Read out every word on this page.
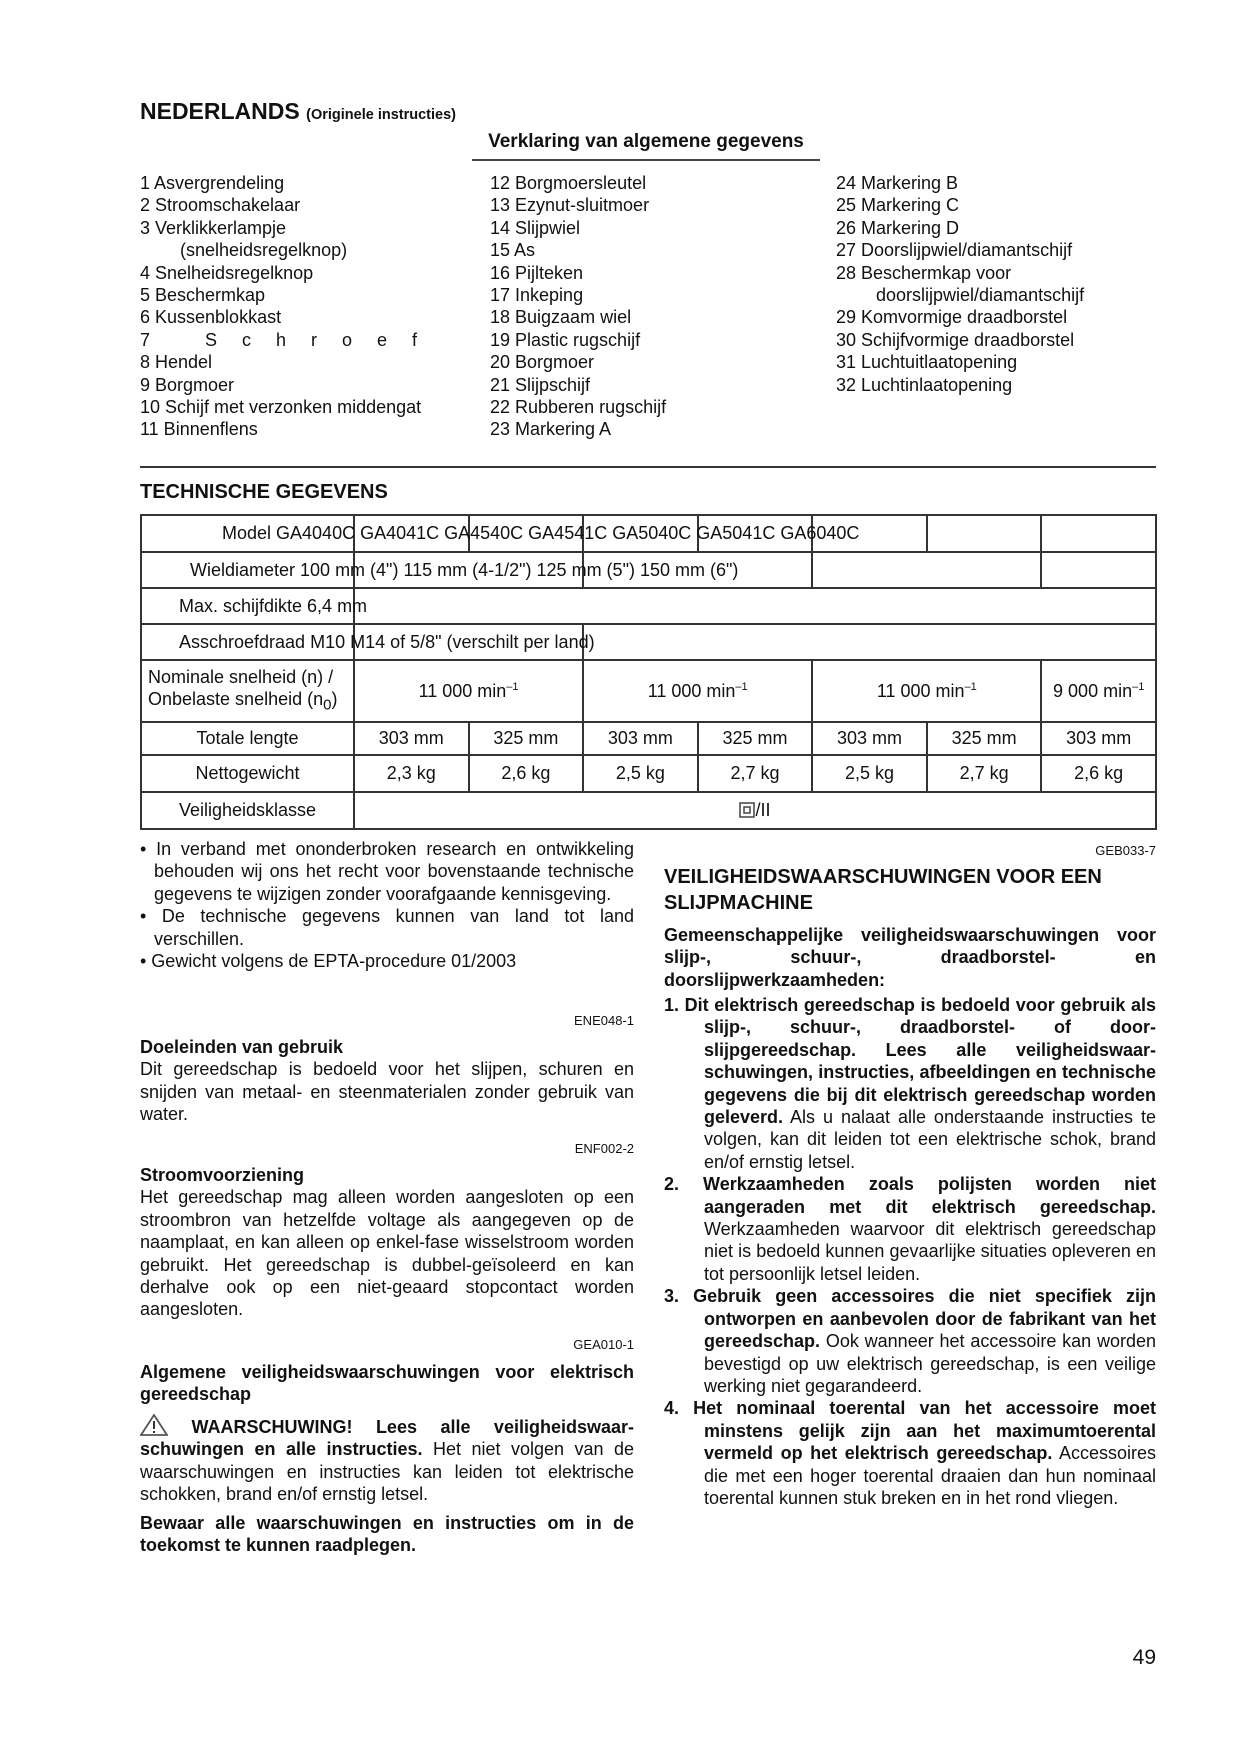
NEDERLANDS (Originele instructies)
Verklaring van algemene gegevens
1 Asvergrendeling
2 Stroomschakelaar
3 Verklikkerlampje
(snelheidsregelknop)
4 Snelheidsregelknop
5 Beschermkap
6 Kussenblokkast
7 Schroef
8 Hendel
9 Borgmoer
10 Schijf met verzonken middengat
11 Binnenflens
12 Borgmoersleutel
13 Ezynut-sluitmoer
14 Slijpwiel
15 As
16 Pijlteken
17 Inkeping
18 Buigzaam wiel
19 Plastic rugschijf
20 Borgmoer
21 Slijpschijf
22 Rubberen rugschijf
23 Markering A
24 Markering B
25 Markering C
26 Markering D
27 Doorslijpwiel/diamantschijf
28 Beschermkap voor
doorslijpwiel/diamantschijf
29 Komvormige draadborstel
30 Schijfvormige draadborstel
31 Luchtuitlaatopening
32 Luchtinlaatopening
TECHNISCHE GEGEVENS
Model GA4040C GA4041C GA4540C GA4541C GA5040C GA5041C GA6040C							
Wieldiameter 100 mm (4") 115 mm (4-1/2") 125 mm (5") 150 mm (6")							
Max. schijfdikte 6,4 mm							
Asschroefdraad M10 M14 of 5/8" (verschilt per land)							
Nominale snelheid (n) /
Onbelaste snelheid $(n_0)$	11 000 $\min^{-1}$		11 000 $\min^{-1}$		11 000 $\min^{-1}$		9 000 $\min^{-1}$
Totale lengte	303 mm	325 mm	303 mm	325 mm	303 mm	325 mm	303 mm
Nettogewicht	2,3 kg	2,6 kg	2,5 kg	2,7 kg	2,5 kg	2,7 kg	2,6 kg
Veiligheidsklasse	/II						
• In verband met ononderbroken research en ontwikkeling behouden wij ons het recht voor bovenstaande technische gegevens te wijzigen zonder voorafgaande kennisgeving.
• De technische gegevens kunnen van land tot land verschillen.
• Gewicht volgens de EPTA-procedure 01/2003
ENE048-1
Doeleinden van gebruik
Dit gereedschap is bedoeld voor het slijpen, schuren en snijden van metaal- en steenmaterialen zonder gebruik van water.
ENF002-2
Stroomvoorziening
Het gereedschap mag alleen worden aangesloten op een stroombron van hetzelfde voltage als aangegeven op de naamplaat, en kan alleen op enkel-fase wisselstroom worden gebruikt. Het gereedschap is dubbel-geïsoleerd en kan derhalve ook op een niet-geaard stopcontact worden aangesloten.
GEA010-1
Algemene veiligheidswaarschuwingen voor elektrisch gereedschap
WAARSCHUWING! Lees alle veiligheidswaar-schuwingen en alle instructies. Het niet volgen van de waarschuwingen en instructies kan leiden tot elektrische schokken, brand en/of ernstig letsel.
Bewaar alle waarschuwingen en instructies om in de toekomst te kunnen raadplegen.
GEB033-7
VEILIGHEIDSWAARSCHUWINGEN VOOR EEN SLIJPMACHINE
Gemeenschappelijke veiligheidswaarschuwingen voor slijp-, schuur-, draadborstel- en doorslijpwerkzaamheden:
1. Dit elektrisch gereedschap is bedoeld voor gebruik als slijp-, schuur-, draadborstel- of door-slijpgereedschap. Lees alle veiligheidswaar-schuwingen, instructies, afbeeldingen en technische gegevens die bij dit elektrisch gereedschap worden geleverd. Als u nalaat alle onderstaande instructies te volgen, kan dit leiden tot een elektrische schok, brand en/of ernstig letsel.
2. Werkzaamheden zoals polijsten worden niet aangeraden met dit elektrisch gereedschap. Werkzaamheden waarvoor dit elektrisch gereedschap niet is bedoeld kunnen gevaarlijke situaties opleveren en tot persoonlijk letsel leiden.
3. Gebruik geen accessoires die niet specifiek zijn ontworpen en aanbevolen door de fabrikant van het gereedschap. Ook wanneer het accessoire kan worden bevestigd op uw elektrisch gereedschap, is een veilige werking niet gegarandeerd.
4. Het nominaal toerental van het accessoire moet minstens gelijk zijn aan het maximumtoerental vermeld op het elektrisch gereedschap. Accessoires die met een hoger toerental draaien dan hun nominaal toerental kunnen stuk breken en in het rond vliegen.
49
